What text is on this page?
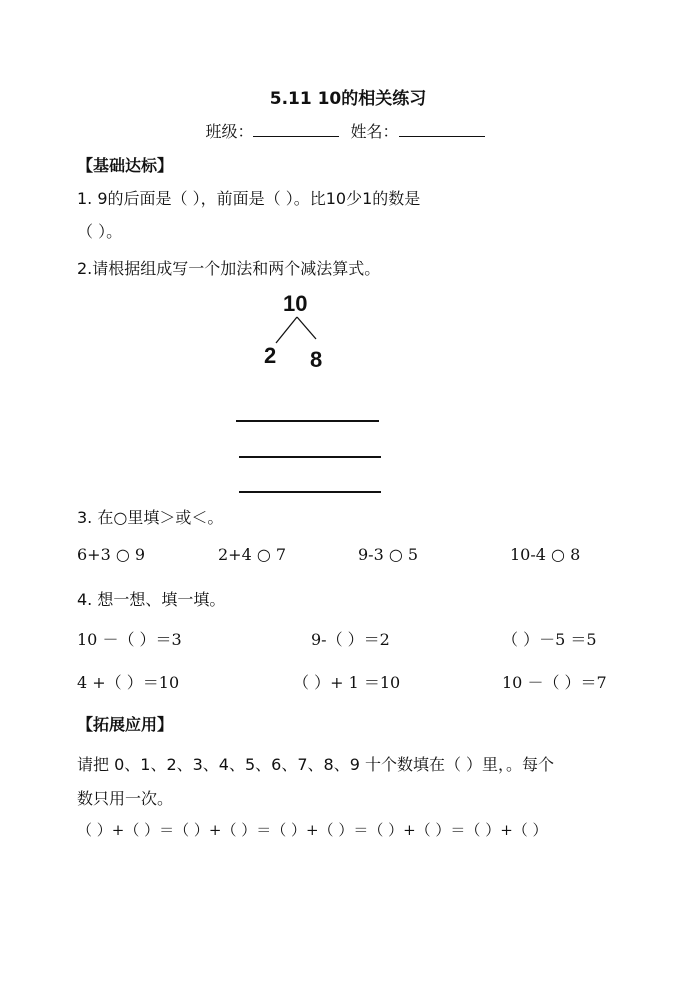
5.11 10的相关练习
班级：	姓名：
【基础达标】
1. 9的后面是（ ），前面是（ ）。比10少1的数是
（ ）。
2.请根据组成写一个加法和两个减法算式。
10
2 8
3. 在○里填＞或＜。
6+3 ○ 9	2+4 ○ 7	9-3 ○ 5	10-4 ○ 8
4. 想一想、填一填。
10 －（ ）＝3	9-（ ）＝2	（ ）－5 ＝5
4 +（ ）＝10	（ ）+ 1 ＝10	10 －（ ）＝7
【拓展应用】
请把 0、1、2、3、4、5、6、7、8、9 十个数填在（ ）里，。每个
数只用一次。
（ ）+（ ）＝（ ）+（ ）＝（ ）+（ ）＝（ ）+（ ）＝（ ）+（ ）
